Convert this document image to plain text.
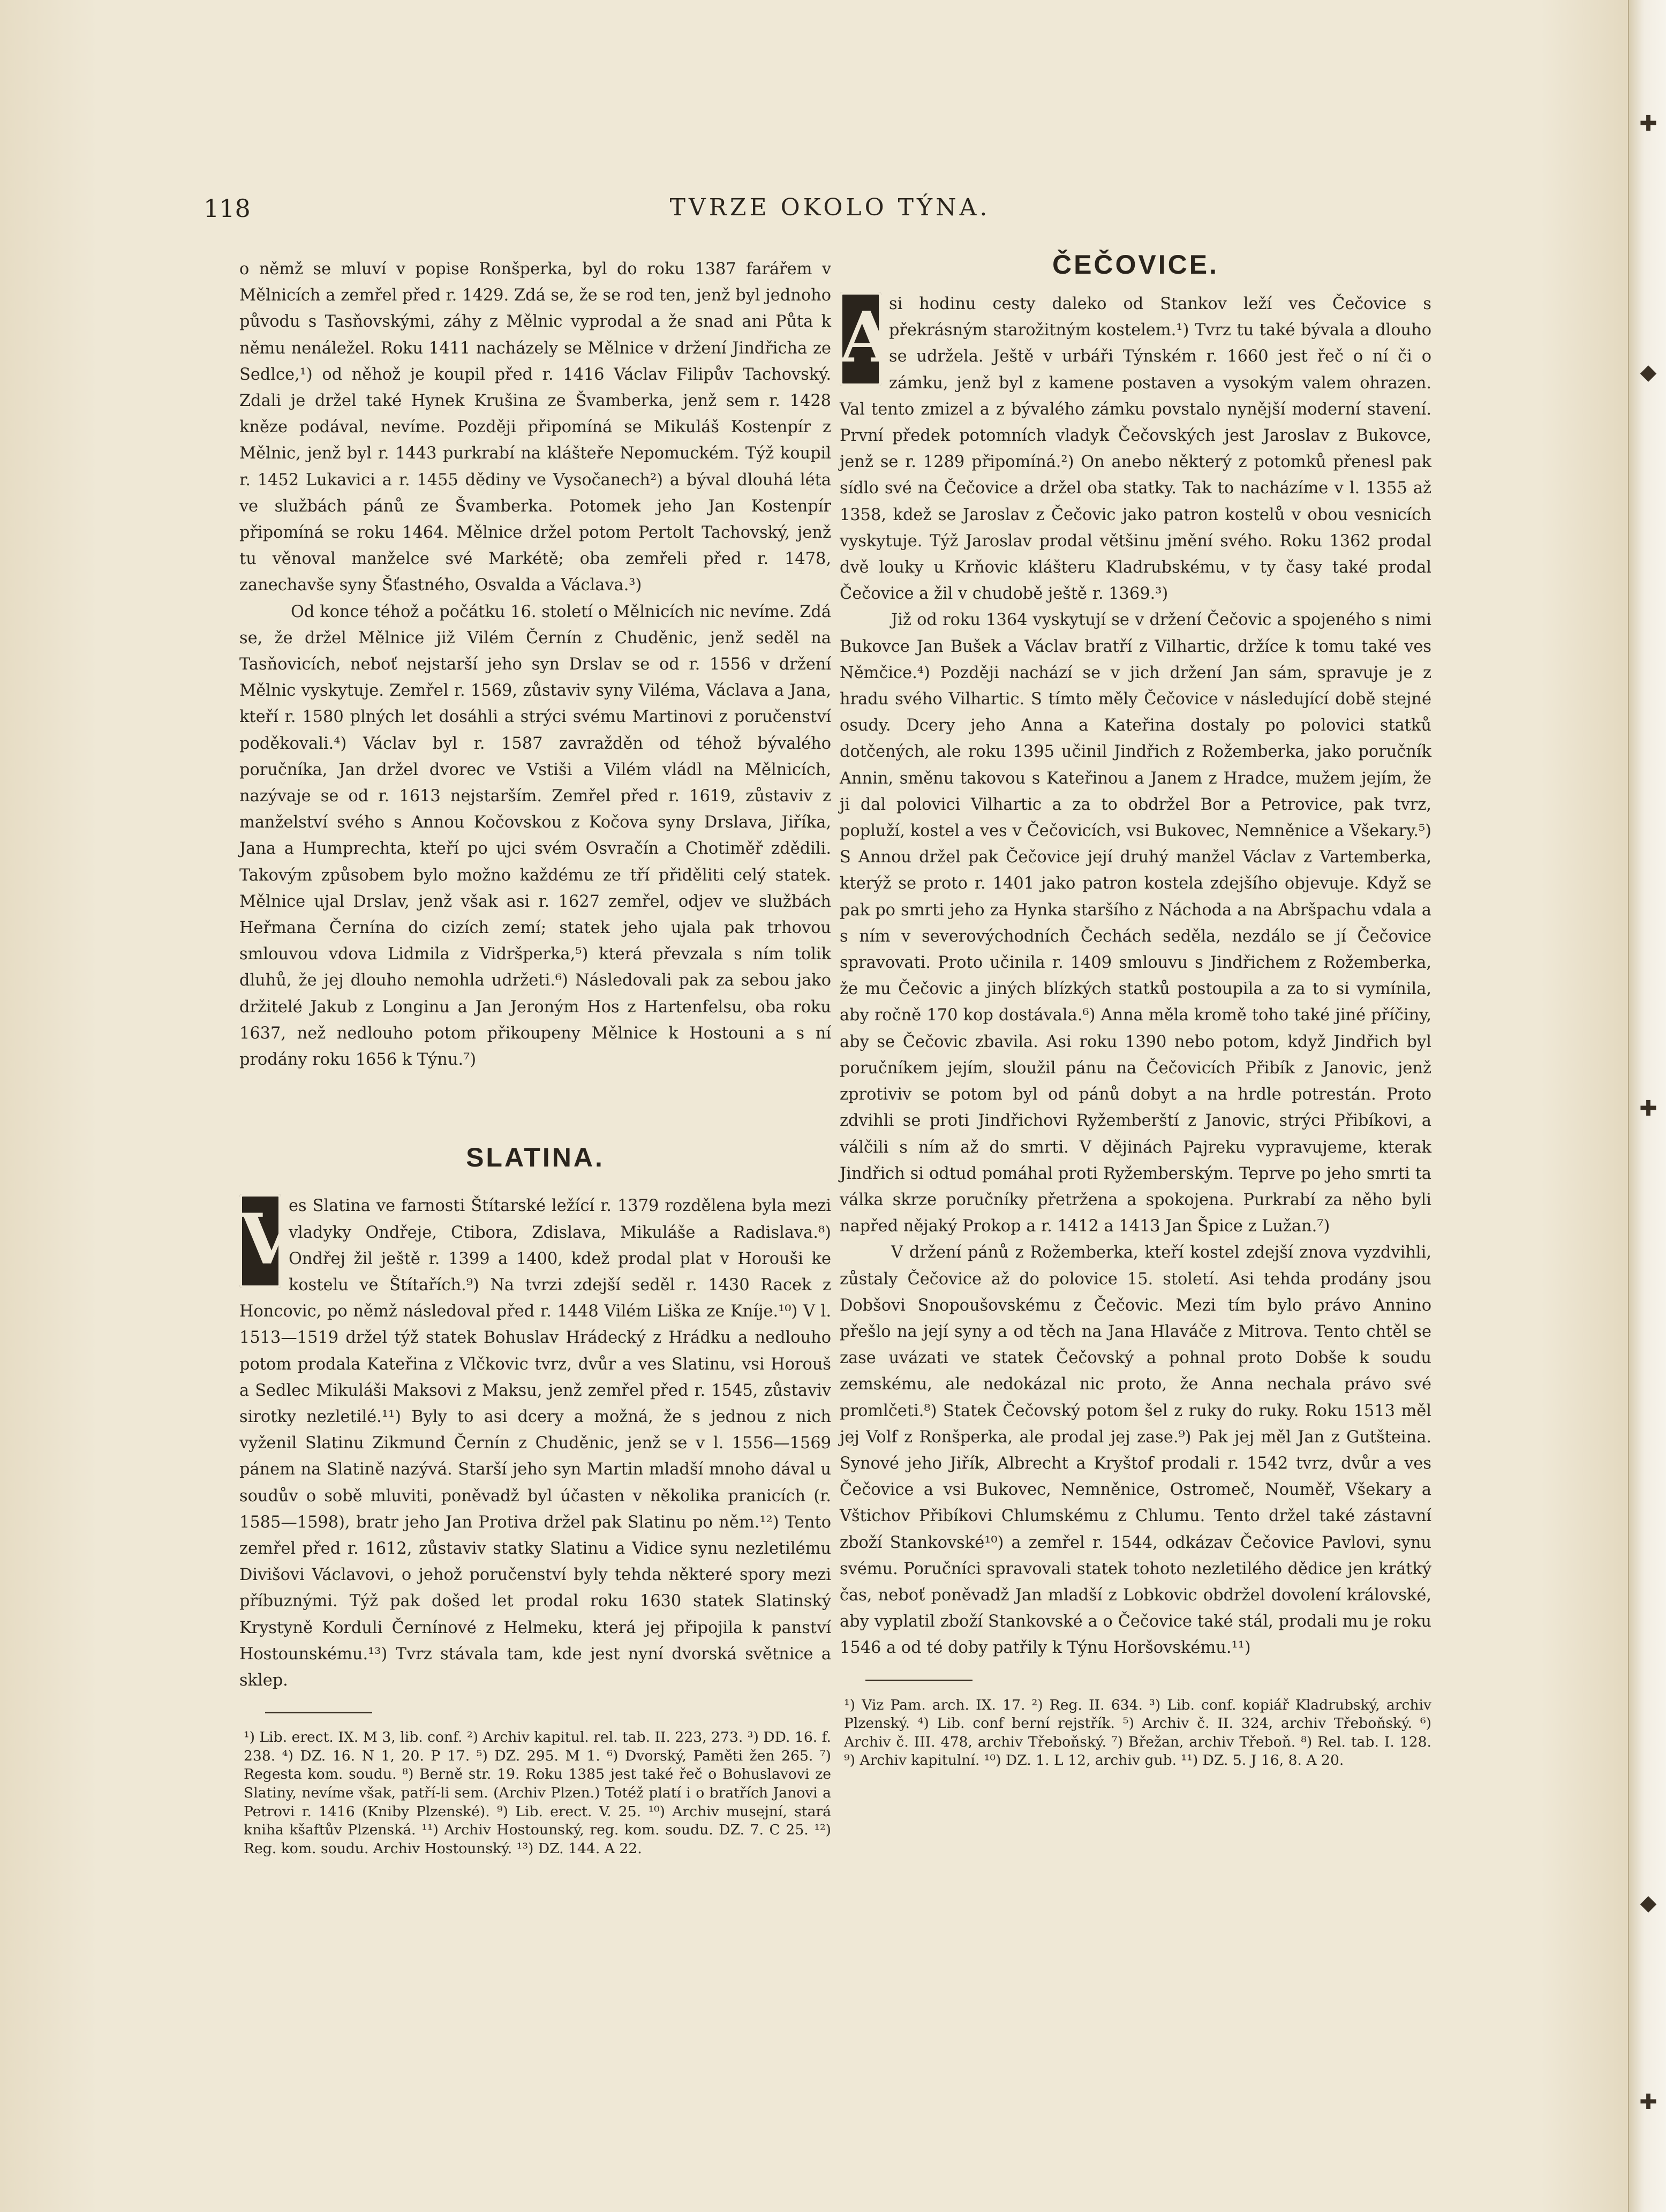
118	TVRZE OKOLO TÝNA.

o němž se mluví v popise Ronšperka, byl do roku 1387 farářem v Mělnicích a zemřel před r. 1429. Zdá se, že se rod ten, jenž byl jednoho původu s Tasňovskými, záhy z Mělnic vyprodal a že snad ani Půta k němu nenáležel. Roku 1411 nacházely se Mělnice v držení Jindřicha ze Sedlce,¹) od něhož je koupil před r. 1416 Václav Filipův Tachovský. Zdali je držel také Hynek Krušina ze Švamberka, jenž sem r. 1428 kněze podával, nevíme. Později připomíná se Mikuláš Kostenpír z Mělnic, jenž byl r. 1443 purkrabí na klášteře Nepomuckém. Týž koupil r. 1452 Lukavici a r. 1455 dědiny ve Vysočanech²) a býval dlouhá léta ve službách pánů ze Švamberka. Potomek jeho Jan Kostenpír připomíná se roku 1464. Mělnice držel potom Pertolt Tachovský, jenž tu věnoval manželce své Markétě; oba zemřeli před r. 1478, zanechavše syny Šťastného, Osvalda a Václava.³)

Od konce téhož a počátku 16. století o Mělnicích nic nevíme. Zdá se, že držel Mělnice již Vilém Černín z Chuděnic, jenž seděl na Tasňovicích, neboť nejstarší jeho syn Drslav se od r. 1556 v držení Mělnic vyskytuje. Zemřel r. 1569, zůstaviv syny Viléma, Václava a Jana, kteří r. 1580 plných let dosáhli a strýci svému Martinovi z poručenství poděkovali.⁴) Václav byl r. 1587 zavražděn od téhož bývalého poručníka, Jan držel dvorec ve Vstiši a Vilém vládl na Mělnicích, nazývaje se od r. 1613 nejstarším. Zemřel před r. 1619, zůstaviv z manželství svého s Annou Kočovskou z Kočova syny Drslava, Jiříka, Jana a Humprechta, kteří po ujci svém Osvračín a Chotiměř zdědili. Takovým způsobem bylo možno každému ze tří přiděliti celý statek. Mělnice ujal Drslav, jenž však asi r. 1627 zemřel, odjev ve službách Heřmana Černína do cizích zemí; statek jeho ujala pak trhovou smlouvou vdova Lidmila z Vidršperka,⁵) která převzala s ním tolik dluhů, že jej dlouho nemohla udržeti.⁶) Následovali pak za sebou jako držitelé Jakub z Longinu a Jan Jeroným Hos z Hartenfelsu, oba roku 1637, než nedlouho potom přikoupeny Mělnice k Hostouni a s ní prodány roku 1656 k Týnu.⁷)

SLATINA.
V

es Slatina ve farnosti Štítarské ležící r. 1379 rozdělena byla mezi vladyky Ondřeje, Ctibora, Zdislava, Mikuláše a Radislava.⁸) Ondřej žil ještě r. 1399 a 1400, kdež prodal plat v Horouši ke kostelu ve Štítařích.⁹) Na tvrzi zdejší seděl r. 1430 Racek z Honcovic, po němž následoval před r. 1448 Vilém Liška ze Kníje.¹⁰) V l. 1513—1519 držel týž statek Bohuslav Hrádecký z Hrádku a nedlouho potom prodala Kateřina z Vlčkovic tvrz, dvůr a ves Slatinu, vsi Horouš a Sedlec Mikuláši Maksovi z Maksu, jenž zemřel před r. 1545, zůstaviv sirotky nezletilé.¹¹) Byly to asi dcery a možná, že s jednou z nich vyženil Slatinu Zikmund Černín z Chuděnic, jenž se v l. 1556—1569 pánem na Slatině nazývá. Starší jeho syn Martin mladší mnoho dával u soudův o sobě mluviti, poněvadž byl účasten v několika pranicích (r. 1585—1598), bratr jeho Jan Protiva držel pak Slatinu po něm.¹²) Tento zemřel před r. 1612, zůstaviv statky Slatinu a Vidice synu nezletilému Divišovi Václavovi, o jehož poručenství byly tehda některé spory mezi příbuznými. Týž pak došed let prodal roku 1630 statek Slatinský Krystyně Korduli Černínové z Helmeku, která jej připojila k panství Hostounskému.¹³) Tvrz stávala tam, kde jest nyní dvorská světnice a sklep.

¹) Lib. erect. IX. M 3, lib. conf. ²) Archiv kapitul. rel. tab. II. 223, 273. ³) DD. 16. f. 238. ⁴) DZ. 16. N 1, 20. P 17. ⁵) DZ. 295. M 1. ⁶) Dvorský, Paměti žen 265. ⁷) Regesta kom. soudu. ⁸) Berně str. 19. Roku 1385 jest také řeč o Bohuslavovi ze Slatiny, nevíme však, patří-li sem. (Archiv Plzen.) Totéž platí i o bratřích Janovi a Petrovi r. 1416 (Kniby Plzenské). ⁹) Lib. erect. V. 25. ¹⁰) Archiv musejní, stará kniha kšaftův Plzenská. ¹¹) Archiv Hostounský, reg. kom. soudu. DZ. 7. C 25. ¹²) Reg. kom. soudu. Archiv Hostounský. ¹³) DZ. 144. A 22.
ČEČOVICE.
A

si hodinu cesty daleko od Stankov leží ves Čečovice s překrásným starožitným kostelem.¹) Tvrz tu také bývala a dlouho se udržela. Ještě v urbáři Týnském r. 1660 jest řeč o ní či o zámku, jenž byl z kamene postaven a vysokým valem ohrazen. Val tento zmizel a z bývalého zámku povstalo nynější moderní stavení. První předek potomních vladyk Čečovských jest Jaroslav z Bukovce, jenž se r. 1289 připomíná.²) On anebo některý z potomků přenesl pak sídlo své na Čečovice a držel oba statky. Tak to nacházíme v l. 1355 až 1358, kdež se Jaroslav z Čečovic jako patron kostelů v obou vesnicích vyskytuje. Týž Jaroslav prodal většinu jmění svého. Roku 1362 prodal dvě louky u Krňovic klášteru Kladrubskému, v ty časy také prodal Čečovice a žil v chudobě ještě r. 1369.³)

Již od roku 1364 vyskytují se v držení Čečovic a spojeného s nimi Bukovce Jan Bušek a Václav bratří z Vilhartic, držíce k tomu také ves Němčice.⁴) Později nachází se v jich držení Jan sám, spravuje je z hradu svého Vilhartic. S tímto měly Čečovice v následující době stejné osudy. Dcery jeho Anna a Kateřina dostaly po polovici statků dotčených, ale roku 1395 učinil Jindřich z Rožemberka, jako poručník Annin, směnu takovou s Kateřinou a Janem z Hradce, mužem jejím, že ji dal polovici Vilhartic a za to obdržel Bor a Petrovice, pak tvrz, popluží, kostel a ves v Čečovicích, vsi Bukovec, Nemněnice a Všekary.⁵) S Annou držel pak Čečovice její druhý manžel Václav z Vartemberka, kterýž se proto r. 1401 jako patron kostela zdejšího objevuje. Když se pak po smrti jeho za Hynka staršího z Náchoda a na Abršpachu vdala a s ním v severovýchodních Čechách seděla, nezdálo se jí Čečovice spravovati. Proto učinila r. 1409 smlouvu s Jindřichem z Rožemberka, že mu Čečovic a jiných blízkých statků postoupila a za to si vymínila, aby ročně 170 kop dostávala.⁶) Anna měla kromě toho také jiné příčiny, aby se Čečovic zbavila. Asi roku 1390 nebo potom, když Jindřich byl poručníkem jejím, sloužil pánu na Čečovicích Přibík z Janovic, jenž zprotiviv se potom byl od pánů dobyt a na hrdle potrestán. Proto zdvihli se proti Jindřichovi Ryžemberští z Janovic, strýci Přibíkovi, a válčili s ním až do smrti. V dějinách Pajreku vypravujeme, kterak Jindřich si odtud pomáhal proti Ryžemberským. Teprve po jeho smrti ta válka skrze poručníky přetržena a spokojena. Purkrabí za něho byli napřed nějaký Prokop a r. 1412 a 1413 Jan Špice z Lužan.⁷)

V držení pánů z Rožemberka, kteří kostel zdejší znova vyzdvihli, zůstaly Čečovice až do polovice 15. století. Asi tehda prodány jsou Dobšovi Snopoušovskému z Čečovic. Mezi tím bylo právo Annino přešlo na její syny a od těch na Jana Hlaváče z Mitrova. Tento chtěl se zase uvázati ve statek Čečovský a pohnal proto Dobše k soudu zemskému, ale nedokázal nic proto, že Anna nechala právo své promlčeti.⁸) Statek Čečovský potom šel z ruky do ruky. Roku 1513 měl jej Volf z Ronšperka, ale prodal jej zase.⁹) Pak jej měl Jan z Gutšteina. Synové jeho Jiřík, Albrecht a Kryštof prodali r. 1542 tvrz, dvůr a ves Čečovice a vsi Bukovec, Nemněnice, Ostromeč, Nouměř, Všekary a Vštichov Přibíkovi Chlumskému z Chlumu. Tento držel také zástavní zboží Stankovské¹⁰) a zemřel r. 1544, odkázav Čečovice Pavlovi, synu svému. Poručníci spravovali statek tohoto nezletilého dědice jen krátký čas, neboť poněvadž Jan mladší z Lobkovic obdržel dovolení královské, aby vyplatil zboží Stankovské a o Čečovice také stál, prodali mu je roku 1546 a od té doby patřily k Týnu Horšovskému.¹¹)

¹) Viz Pam. arch. IX. 17. ²) Reg. II. 634. ³) Lib. conf. kopiář Kladrubský, archiv Plzenský. ⁴) Lib. conf berní rejstřík. ⁵) Archiv č. II. 324, archiv Třeboňský. ⁶) Archiv č. III. 478, archiv Třeboňský. ⁷) Břežan, archiv Třeboň. ⁸) Rel. tab. I. 128. ⁹) Archiv kapitulní. ¹⁰) DZ. 1. L 12, archiv gub. ¹¹) DZ. 5. J 16, 8. A 20.
✚
◆
✚
◆
✚
